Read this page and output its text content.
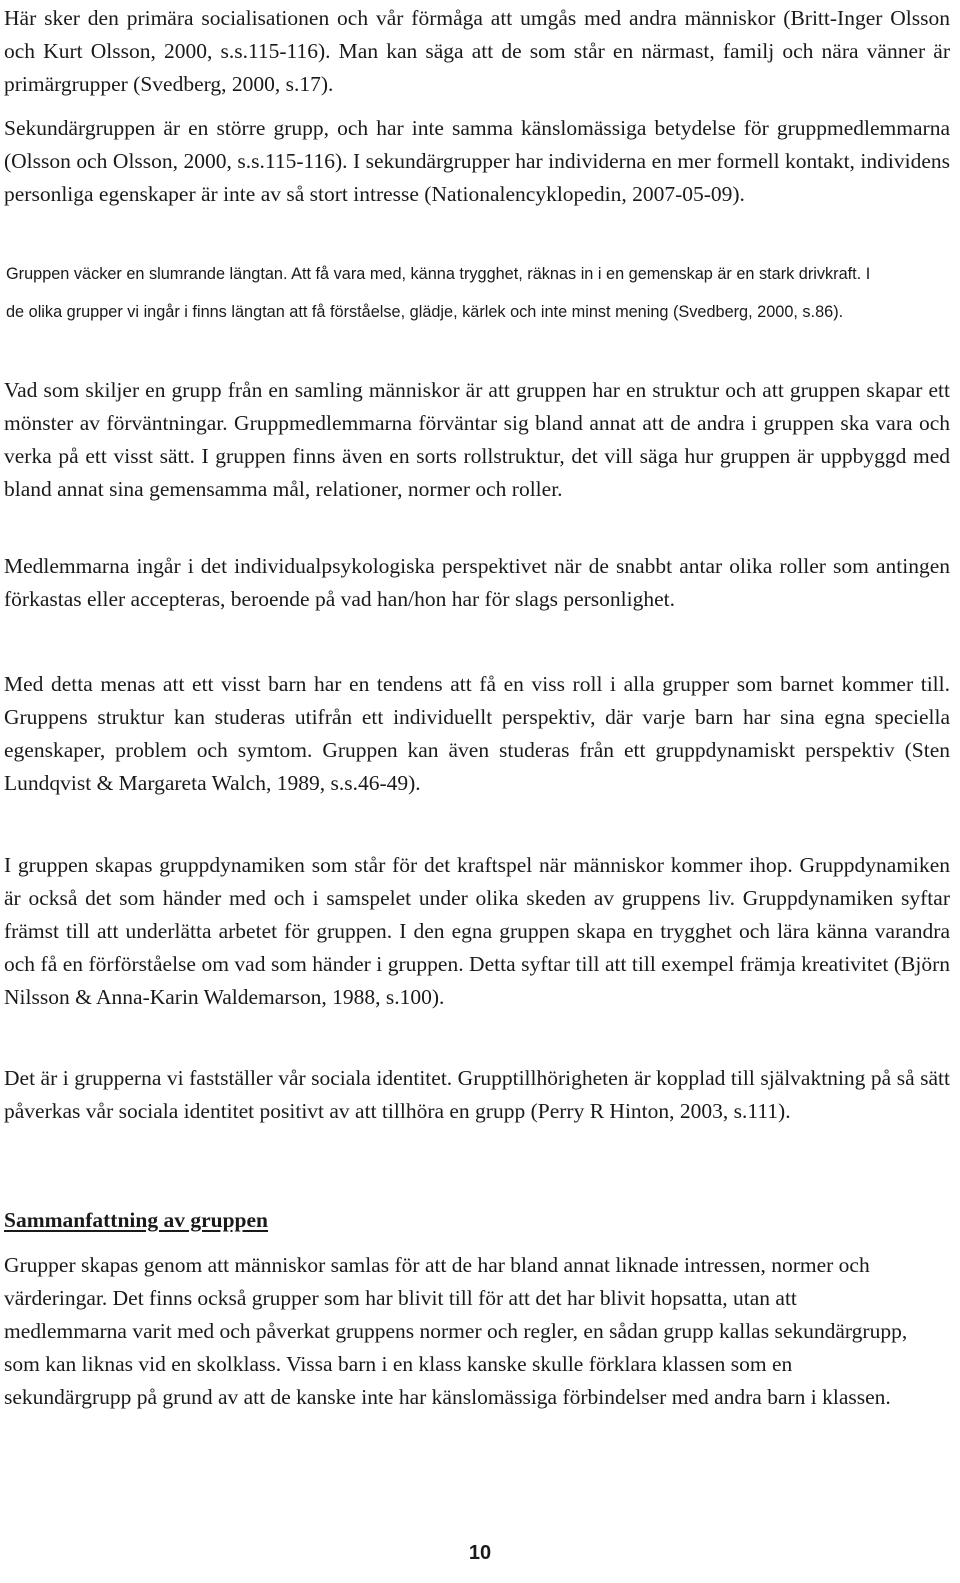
Här sker den primära socialisationen och vår förmåga att umgås med andra människor (Britt-Inger Olsson och Kurt Olsson, 2000, s.s.115-116). Man kan säga att de som står en närmast, familj och nära vänner är primärgrupper (Svedberg, 2000, s.17).

Sekundärgruppen är en större grupp, och har inte samma känslomässiga betydelse för gruppmedlemmarna (Olsson och Olsson, 2000, s.s.115-116). I sekundärgrupper har individerna en mer formell kontakt, individens personliga egenskaper är inte av så stort intresse (Nationalencyklopedin, 2007-05-09).

Gruppen väcker en slumrande längtan. Att få vara med, känna trygghet, räknas in i en gemenskap är en stark drivkraft. I de olika grupper vi ingår i finns längtan att få förståelse, glädje, kärlek och inte minst mening (Svedberg, 2000, s.86).

Vad som skiljer en grupp från en samling människor är att gruppen har en struktur och att gruppen skapar ett mönster av förväntningar. Gruppmedlemmarna förväntar sig bland annat att de andra i gruppen ska vara och verka på ett visst sätt. I gruppen finns även en sorts rollstruktur, det vill säga hur gruppen är uppbyggd med bland annat sina gemensamma mål, relationer, normer och roller.

Medlemmarna ingår i det individualpsykologiska perspektivet när de snabbt antar olika roller som antingen förkastas eller accepteras, beroende på vad han/hon har för slags personlighet.

Med detta menas att ett visst barn har en tendens att få en viss roll i alla grupper som barnet kommer till. Gruppens struktur kan studeras utifrån ett individuellt perspektiv, där varje barn har sina egna speciella egenskaper, problem och symtom. Gruppen kan även studeras från ett gruppdynamiskt perspektiv (Sten Lundqvist & Margareta Walch, 1989, s.s.46-49).

I gruppen skapas gruppdynamiken som står för det kraftspel när människor kommer ihop. Gruppdynamiken är också det som händer med och i samspelet under olika skeden av gruppens liv. Gruppdynamiken syftar främst till att underlätta arbetet för gruppen. I den egna gruppen skapa en trygghet och lära känna varandra och få en förförståelse om vad som händer i gruppen. Detta syftar till att till exempel främja kreativitet (Björn Nilsson & Anna-Karin Waldemarson, 1988, s.100).

Det är i grupperna vi fastställer vår sociala identitet. Grupptillhörigheten är kopplad till självaktning på så sätt påverkas vår sociala identitet positivt av att tillhöra en grupp (Perry R Hinton, 2003, s.111).

Sammanfattning av gruppen

Grupper skapas genom att människor samlas för att de har bland annat liknade intressen, normer och värderingar. Det finns också grupper som har blivit till för att det har blivit hopsatta, utan att medlemmarna varit med och påverkat gruppens normer och regler, en sådan grupp kallas sekundärgrupp, som kan liknas vid en skolklass. Vissa barn i en klass kanske skulle förklara klassen som en sekundärgrupp på grund av att de kanske inte har känslomässiga förbindelser med andra barn i klassen.

10
